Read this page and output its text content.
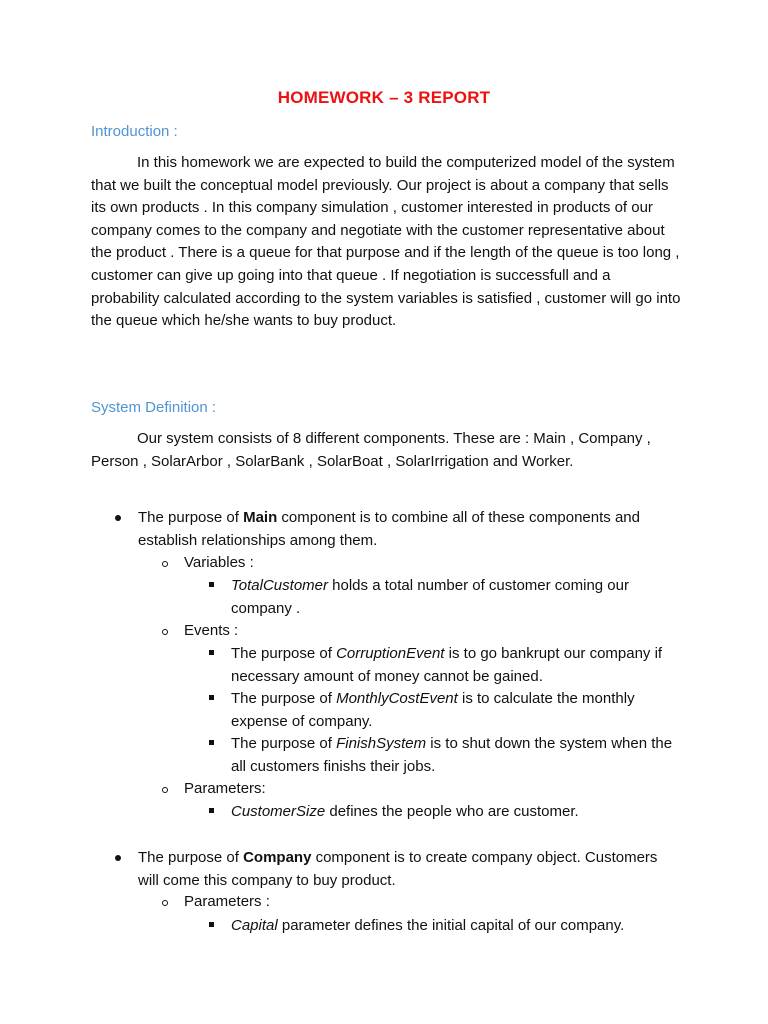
HOMEWORK – 3 REPORT
Introduction :
In this homework we are expected to build the computerized model of the system that we built the conceptual model previously. Our project is about a company that sells its own products . In this company simulation , customer interested in products of our company comes to the company and negotiate with the customer representative about the product . There is a queue for that purpose and if the length of the queue is too long , customer can give up going into that queue . If negotiation is successfull and a probability calculated according to the system variables is satisfied , customer will go into the queue which he/she wants to buy product.
System Definition :
Our system consists of 8 different components. These are : Main , Company , Person , SolarArbor , SolarBank , SolarBoat , SolarIrrigation and Worker.
The purpose of Main component is to combine all of these components and establish relationships among them.
Variables :
TotalCustomer holds a total number of customer coming our company .
Events :
The purpose of CorruptionEvent is to go bankrupt our company if necessary amount of money cannot be gained.
The purpose of MonthlyCostEvent is to calculate the monthly expense of company.
The purpose of FinishSystem is to shut down the system when the all customers finishs their jobs.
Parameters:
CustomerSize defines the people who are customer.
The purpose of Company component is to create company object. Customers will come this company to buy product.
Parameters :
Capital parameter defines the initial capital of our company.
